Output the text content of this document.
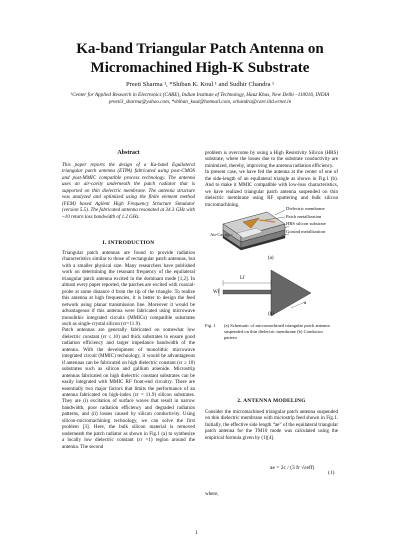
Ka-band Triangular Patch Antenna on
Micromachined High-K Substrate
Preeti Sharma ¹, *Shiban K. Koul ¹ and Sudhir Chandra ¹
¹Center for Applied Research in Electronics (CARE), Indian Institute of Technology, Hauz Khas, New Delhi –110016, INDIA
preeti3_sharma@yahoo.com, *shiban_koul@hotmail.com, schandra@care.iitd.ernet.in
Abstract
This paper reports the design of a Ka-band Equilateral triangular patch antenna (ETPA) fabricated using post-CMOS and post-MMIC compatible process technology. The antenna uses an air-cavity underneath the patch radiator that is supported on thin dielectric membrane. The antenna structure was analyzed and optimized using the finite element method (FEM) based Agilent High Frequency Structure Simulator (version 5.5). The fabricated antenna resonated at 34.3 GHz with ~10 return loss bandwidth of 1.2 GHz.
I. INTRODUCTION

Triangular patch antennas are found to provide radiation characteristics similar to those of rectangular patch antennas, but with a smaller physical size. Many researchers have published work on determining the resonant frequency of the equilateral triangular patch antenna excited in the dominant mode [1,2]. In almost every paper reported, the patches are excited with coaxial-probe at some distance d from the tip of the triangle. To realize this antenna at high frequencies, it is better to design the feed network using planar transmission line. Moreover it would be advantageous if this antenna were fabricated using microwave monolithic integrated circuits (MMICs) compatible substrates such as single-crystal silicon (εr=11.9).

Patch antennas are generally fabricated on somewhat low dielectric constant (εr ≤ 10) and thick substrates to ensure good radiation efficiency and larger impedance bandwidth of the antenna. With the development of monolithic microwave integrated circuit (MMIC) technology, it would be advantageous if antennas can be fabricated on high dielectric constant (εr ≥ 10) substrates such as silicon and gallium arsenide. Microstrip antennas fabricated on high dielectric constant substrates can be easily integrated with MMIC RF front-end circuitry. There are essentially two major factors that limits the performance of an antenna fabricated on high-index (εr = 11.9) silicon substrates. They are (i) excitation of surface waves that result in narrow bandwidth, poor radiation efficiency and degraded radiation patterns, and (ii) losses caused by silicon conductivity. Using silicon-micromachining technology, we can solve the first problem [3]. Here, the bulk silicon material is removed underneath the patch radiator as shown in Fig.1 (a) to synthesize a locally low dielectric constant (εr =1) region around the antenna. The second

problem is overcome by using a High Resistivity Silicon (HRS) substrate, where the losses due to the substrate conductivity are minimized, thereby, improving the antenna radiation efficiency.

In present case, we have fed the antenna at the center of one of the side-length of an equilateral triangle as shown in Fig.1 (b). And to make it MMIC compatible with low-loss characteristics, we have realized triangular patch antenna suspended on thin dielectric membrane using RF sputtering and bulk silicon micromachining.

Dielectric membrane
Patch metallization
HRS silicon substrate
Ground metallization
Air-Cavity
(a)
Lf
Wf
a
(b)
Fig. 1 (a) Schematic of micromachined triangular patch antenna suspended on thin dielectric membrane (b) Conductor pattern
2. ANTENNA MODELING
Consider the micromachined triangular patch antenna suspended on thin dielectric membrane with microstrip feed shown in Fig.1. Initially, the effective side length “ae” of the equilateral triangular patch antenna for the TM10 mode was calculated using the empirical formula given by (1)[4].
ae = 2c / (3 fr √εeff)
(1)
where,
1
